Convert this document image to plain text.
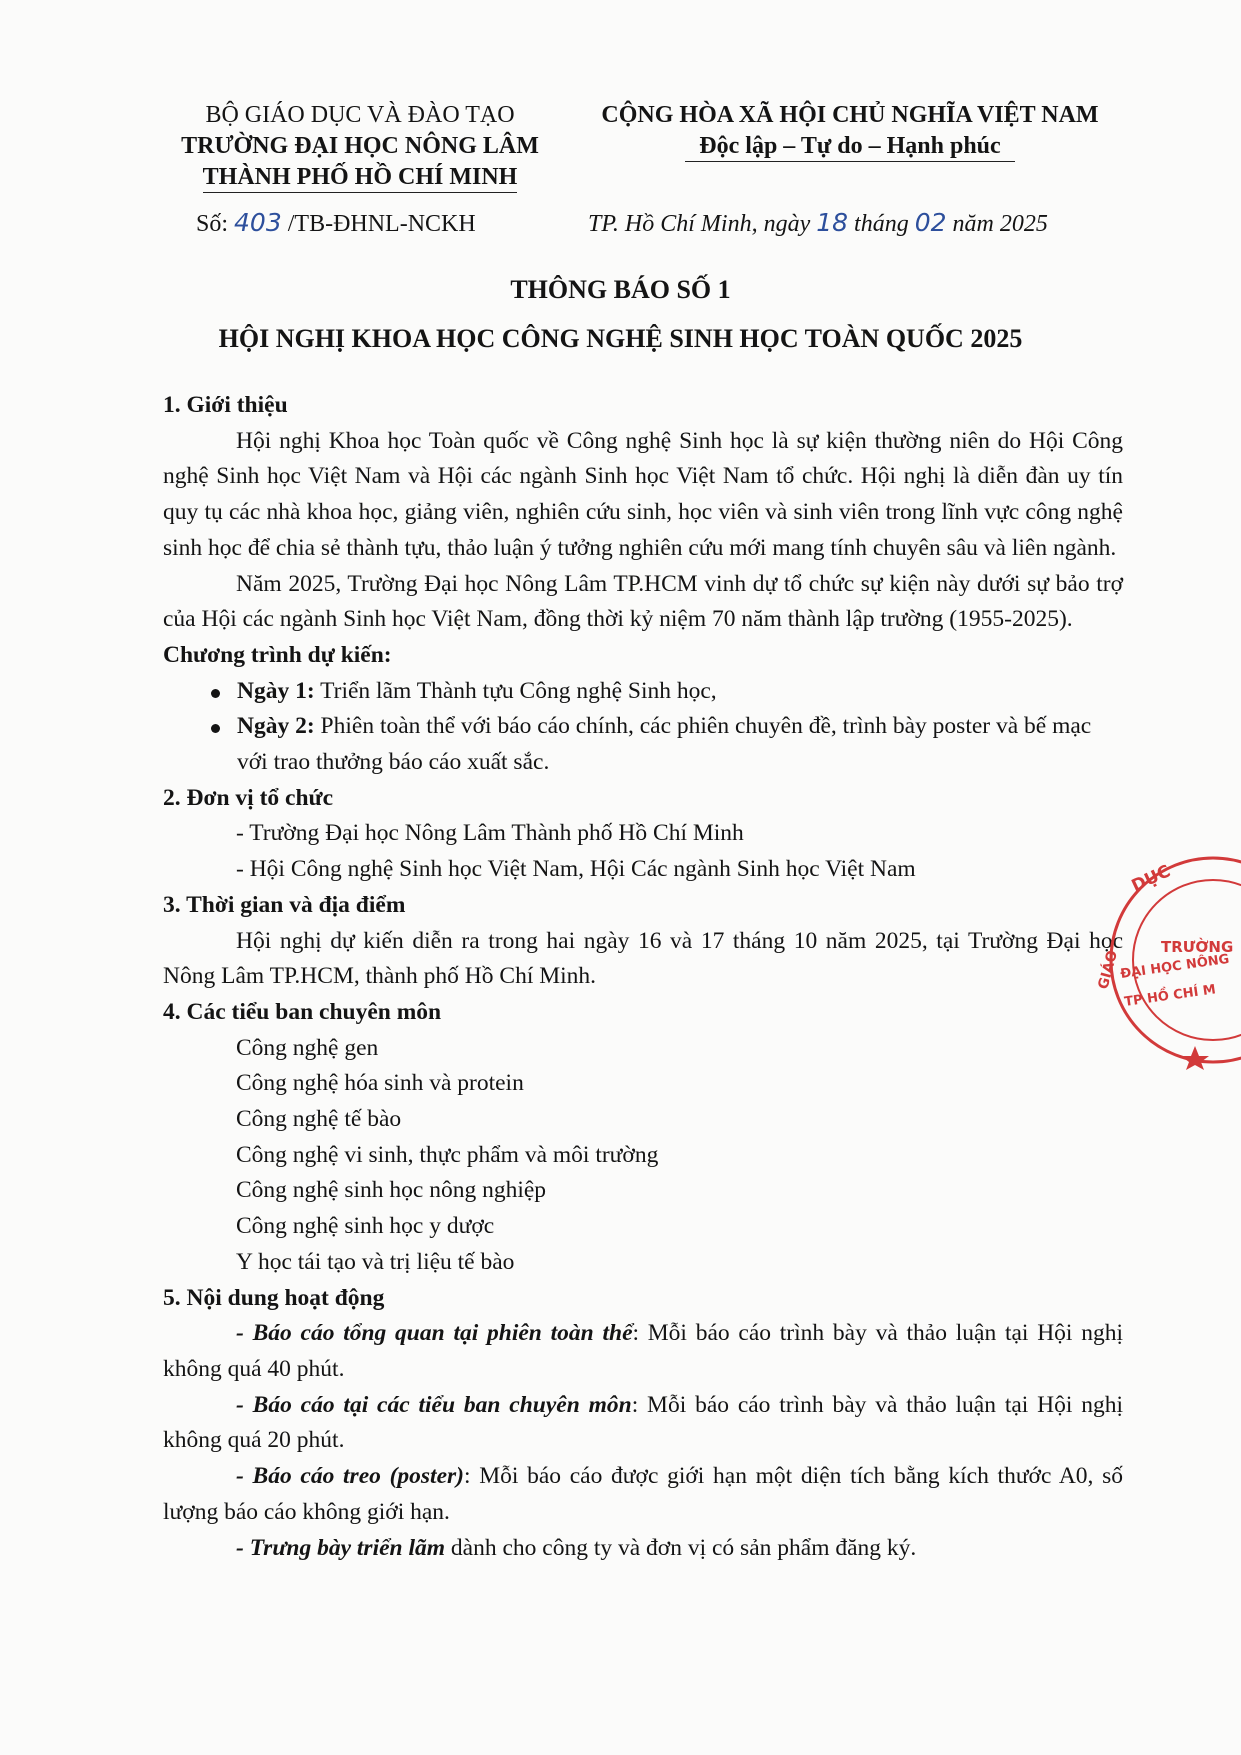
BỘ GIÁO DỤC VÀ ĐÀO TẠO
TRƯỜNG ĐẠI HỌC NÔNG LÂM
THÀNH PHỐ HỒ CHÍ MINH
CỘNG HÒA XÃ HỘI CHỦ NGHĨA VIỆT NAM
Độc lập – Tự do – Hạnh phúc
Số: 403 /TB-ĐHNL-NCKH	TP. Hồ Chí Minh, ngày 18 tháng 02 năm 2025
THÔNG BÁO SỐ 1
HỘI NGHỊ KHOA HỌC CÔNG NGHỆ SINH HỌC TOÀN QUỐC 2025

1. Giới thiệu

Hội nghị Khoa học Toàn quốc về Công nghệ Sinh học là sự kiện thường niên do Hội Công nghệ Sinh học Việt Nam và Hội các ngành Sinh học Việt Nam tổ chức. Hội nghị là diễn đàn uy tín quy tụ các nhà khoa học, giảng viên, nghiên cứu sinh, học viên và sinh viên trong lĩnh vực công nghệ sinh học để chia sẻ thành tựu, thảo luận ý tưởng nghiên cứu mới mang tính chuyên sâu và liên ngành.

Năm 2025, Trường Đại học Nông Lâm TP.HCM vinh dự tổ chức sự kiện này dưới sự bảo trợ của Hội các ngành Sinh học Việt Nam, đồng thời kỷ niệm 70 năm thành lập trường (1955-2025).

Chương trình dự kiến:

Ngày 1: Triển lãm Thành tựu Công nghệ Sinh học,
Ngày 2: Phiên toàn thể với báo cáo chính, các phiên chuyên đề, trình bày poster và bế mạc với trao thưởng báo cáo xuất sắc.

2. Đơn vị tổ chức

- Trường Đại học Nông Lâm Thành phố Hồ Chí Minh

- Hội Công nghệ Sinh học Việt Nam, Hội Các ngành Sinh học Việt Nam

3. Thời gian và địa điểm

Hội nghị dự kiến diễn ra trong hai ngày 16 và 17 tháng 10 năm 2025, tại Trường Đại học Nông Lâm TP.HCM, thành phố Hồ Chí Minh.

4. Các tiểu ban chuyên môn

Công nghệ gen

Công nghệ hóa sinh và protein

Công nghệ tế bào

Công nghệ vi sinh, thực phẩm và môi trường

Công nghệ sinh học nông nghiệp

Công nghệ sinh học y dược

Y học tái tạo và trị liệu tế bào

5. Nội dung hoạt động

- Báo cáo tổng quan tại phiên toàn thể: Mỗi báo cáo trình bày và thảo luận tại Hội nghị không quá 40 phút.

- Báo cáo tại các tiểu ban chuyên môn: Mỗi báo cáo trình bày và thảo luận tại Hội nghị không quá 20 phút.

- Báo cáo treo (poster): Mỗi báo cáo được giới hạn một diện tích bằng kích thước A0, số lượng báo cáo không giới hạn.

- Trưng bày triển lãm dành cho công ty và đơn vị có sản phẩm đăng ký.

DỤC
GIÁO
TRƯỜNG
ĐẠI HỌC NÔNG
TP HỒ CHÍ M
